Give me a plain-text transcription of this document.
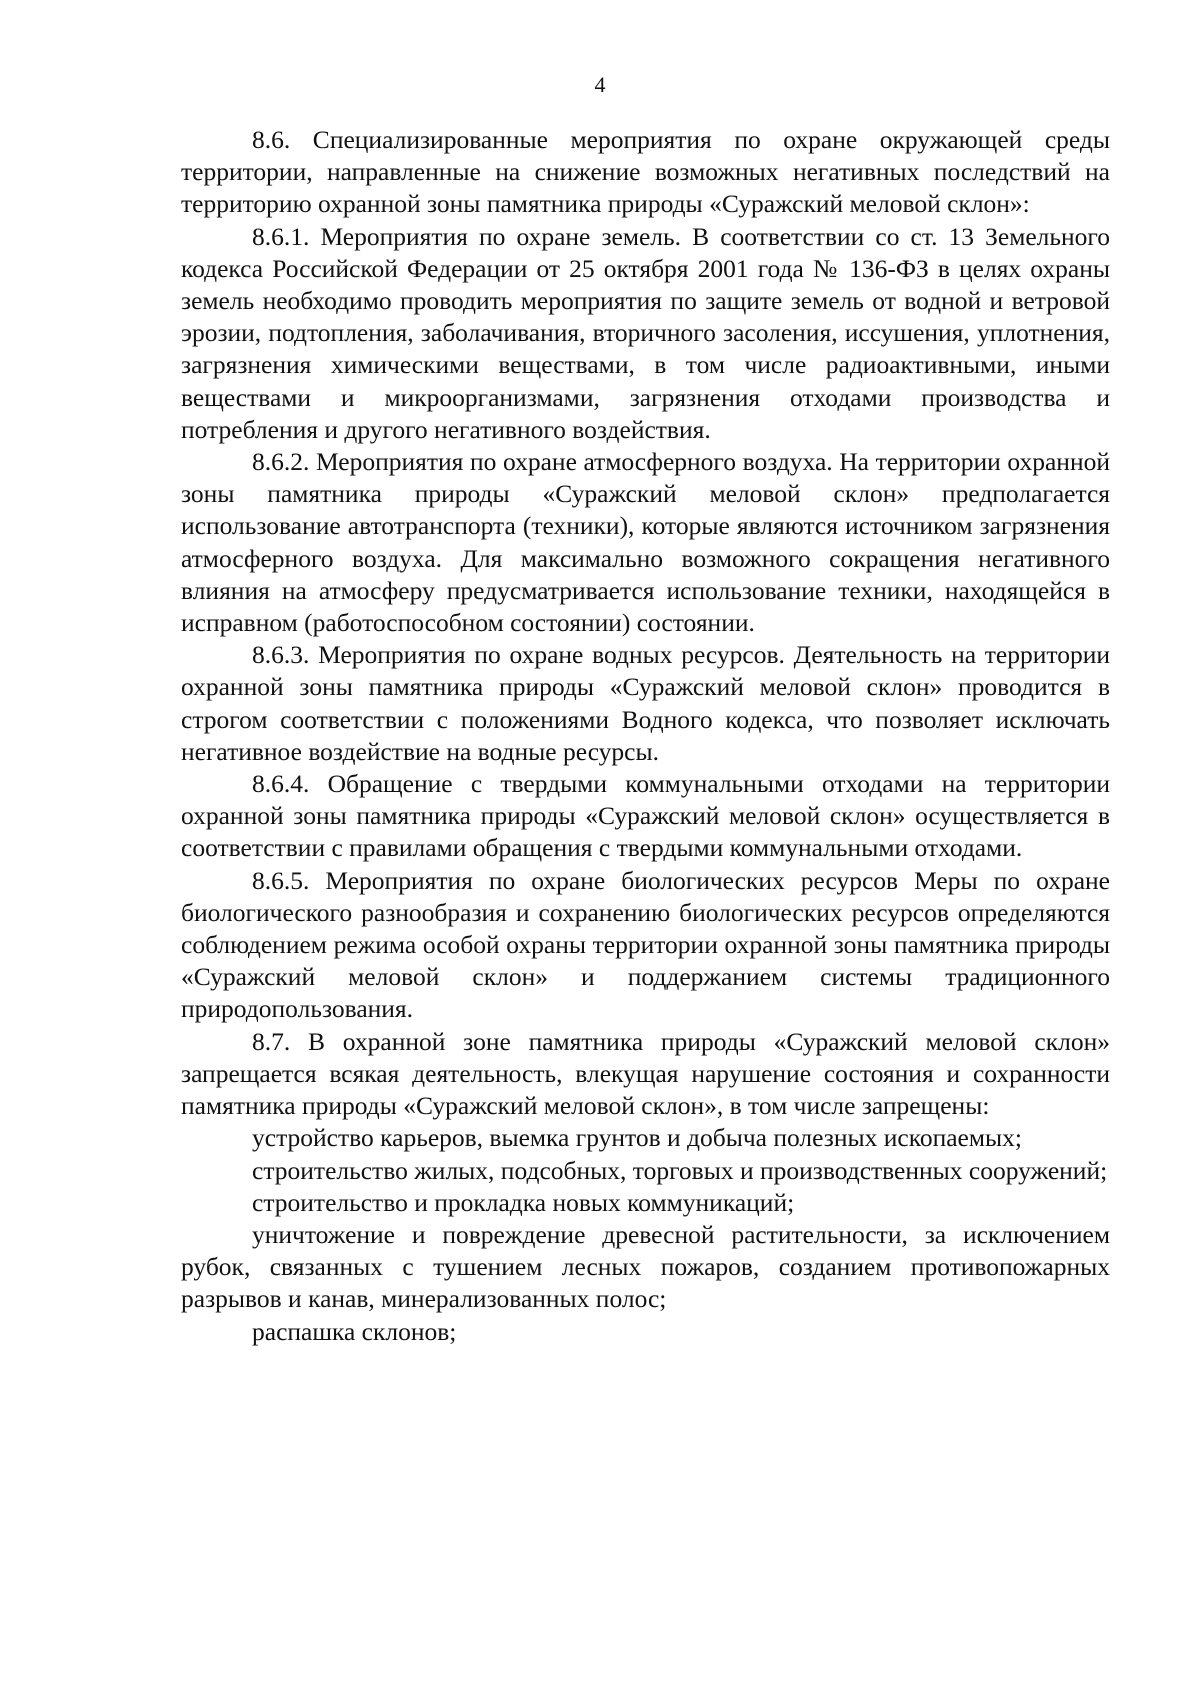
4

8.6. Специализированные мероприятия по охране окружающей среды территории, направленные на снижение возможных негативных последствий на территорию охранной зоны памятника природы «Суражский меловой склон»:

8.6.1. Мероприятия по охране земель. В соответствии со ст. 13 Земельного кодекса Российской Федерации от 25 октября 2001 года № 136-ФЗ в целях охраны земель необходимо проводить мероприятия по защите земель от водной и ветровой эрозии, подтопления, заболачивания, вторичного засоления, иссушения, уплотнения, загрязнения химическими веществами, в том числе радиоактивными, иными веществами и микроорганизмами, загрязнения отходами производства и потребления и другого негативного воздействия.

8.6.2. Мероприятия по охране атмосферного воздуха. На территории охранной зоны памятника природы «Суражский меловой склон» предполагается использование автотранспорта (техники), которые являются источником загрязнения атмосферного воздуха. Для максимально возможного сокращения негативного влияния на атмосферу предусматривается использование техники, находящейся в исправном (работоспособном состоянии) состоянии.

8.6.3. Мероприятия по охране водных ресурсов. Деятельность на территории охранной зоны памятника природы «Суражский меловой склон» проводится в строгом соответствии с положениями Водного кодекса, что позволяет исключать негативное воздействие на водные ресурсы.

8.6.4. Обращение с твердыми коммунальными отходами на территории охранной зоны памятника природы «Суражский меловой склон» осуществляется в соответствии с правилами обращения с твердыми коммунальными отходами.

8.6.5. Мероприятия по охране биологических ресурсов Меры по охране биологического разнообразия и сохранению биологических ресурсов определяются соблюдением режима особой охраны территории охранной зоны памятника природы «Суражский меловой склон» и поддержанием системы традиционного природопользования.

8.7. В охранной зоне памятника природы «Суражский меловой склон» запрещается всякая деятельность, влекущая нарушение состояния и сохранности памятника природы «Суражский меловой склон», в том числе запрещены:

устройство карьеров, выемка грунтов и добыча полезных ископаемых;

строительство жилых, подсобных, торговых и производственных сооружений;

строительство и прокладка новых коммуникаций;

уничтожение и повреждение древесной растительности, за исключением рубок, связанных с тушением лесных пожаров, созданием противопожарных разрывов и канав, минерализованных полос;

распашка склонов;
